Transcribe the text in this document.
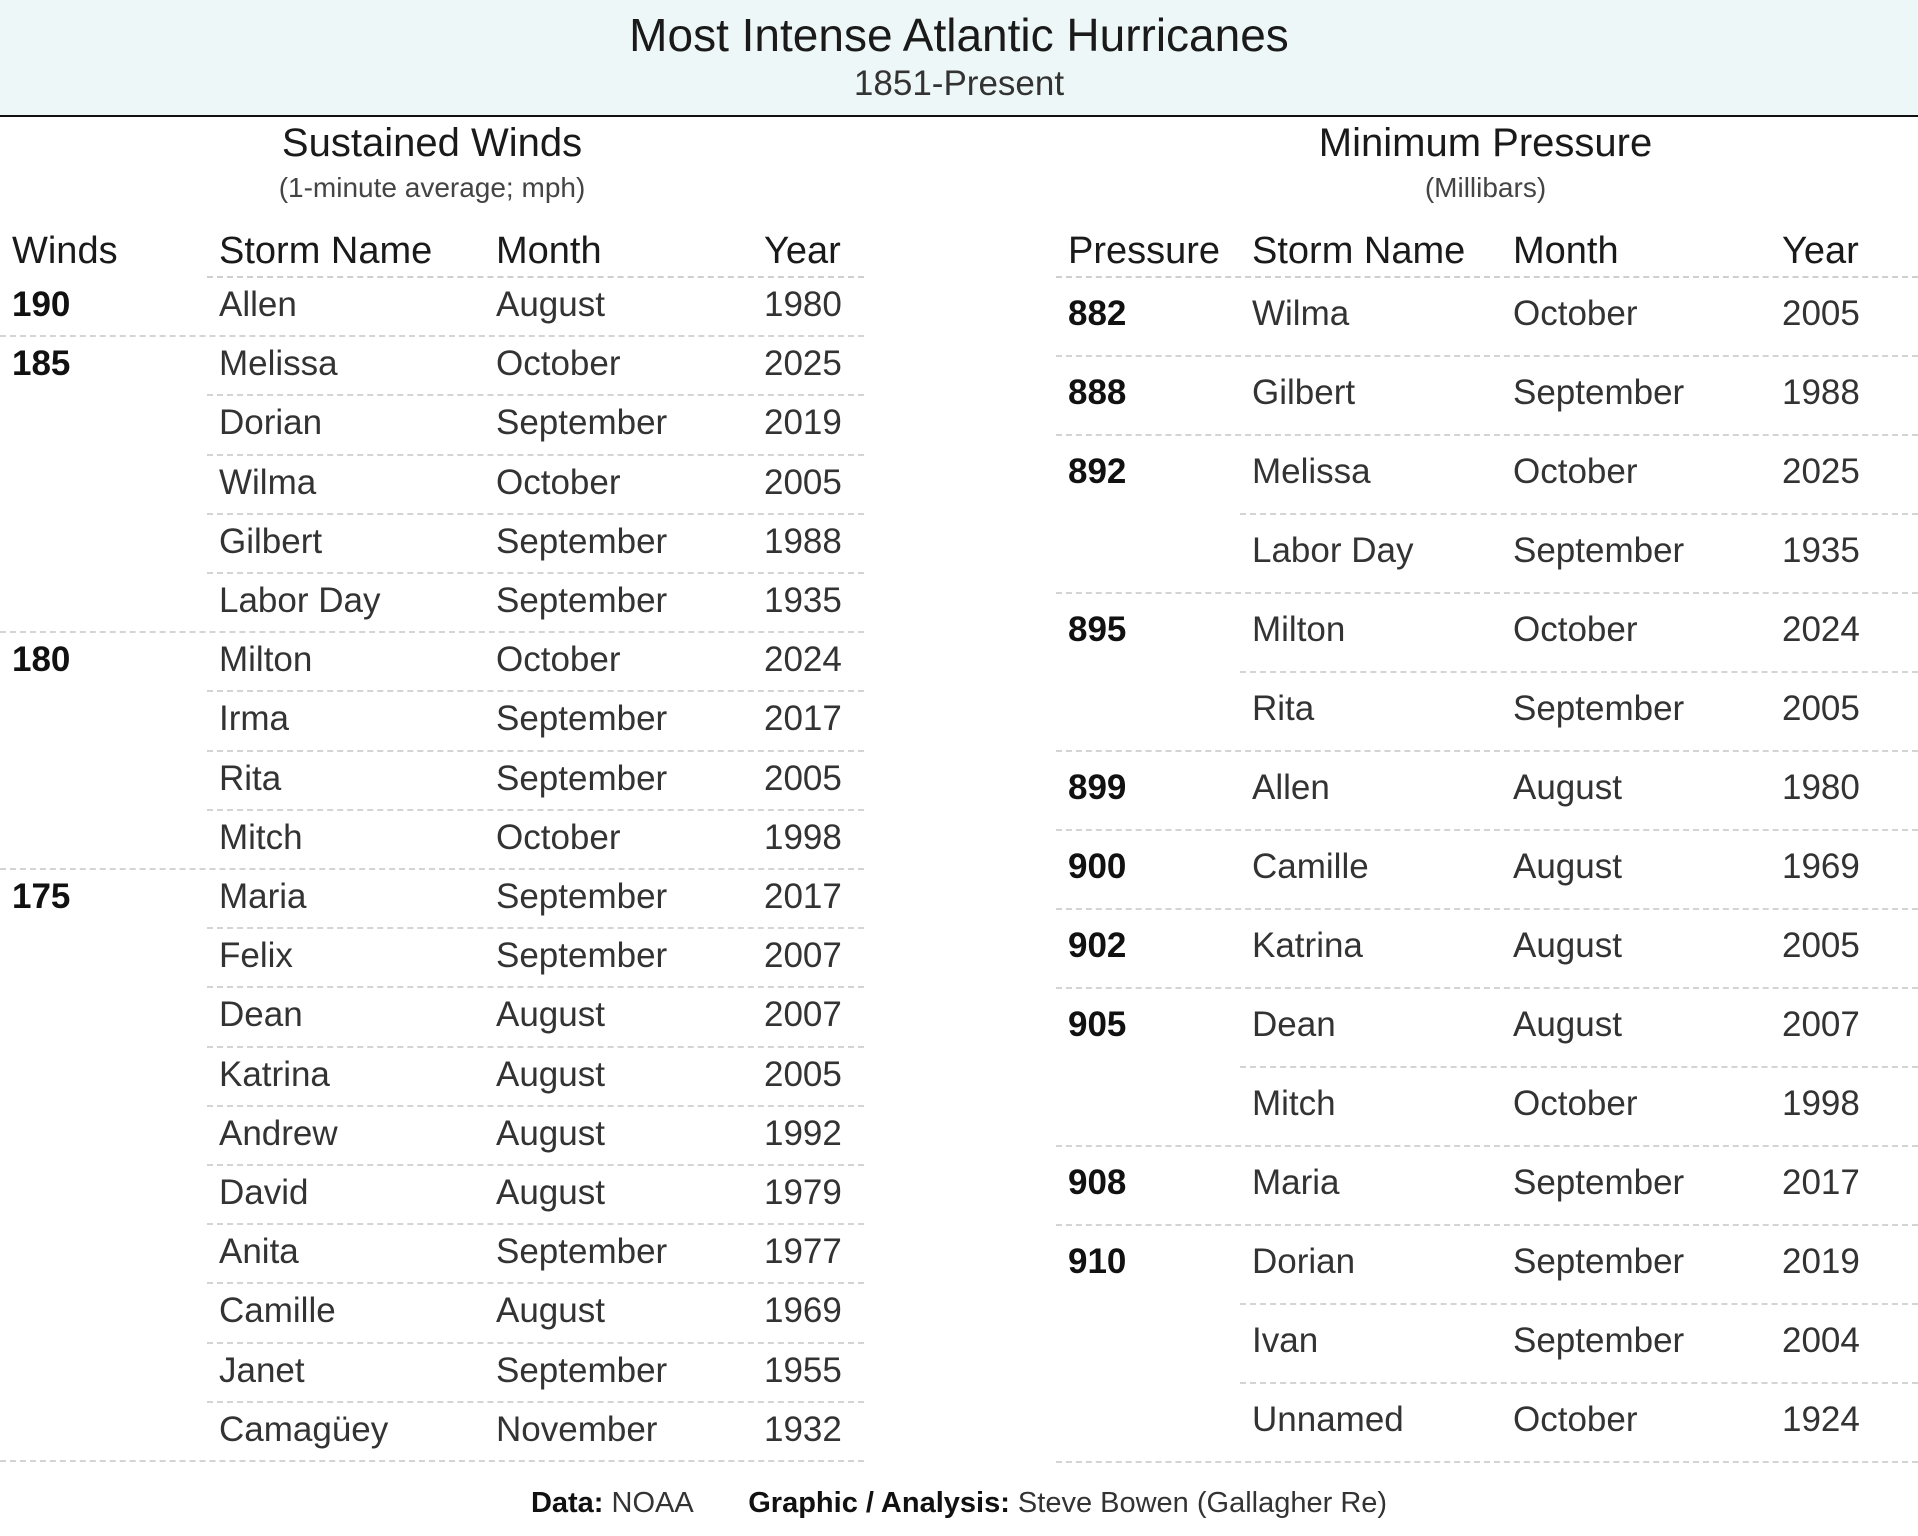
Most Intense Atlantic Hurricanes
1851-Present
Sustained Winds
(1-minute average; mph)
Winds	Storm Name Month	Year
190	Allen	August	1980
185	Melissa	October	2025
Dorian	September	2019
Wilma	October	2005
Gilbert	September	1988
Labor Day	September	1935
180	Milton	October	2024
Irma	September	2017
Rita	September	2005
Mitch	October	1998
175	Maria	September	2017
Felix	September	2007
Dean	August	2007
Katrina	August	2005
Andrew	August	1992
David	August	1979
Anita	September	1977
Camille	August	1969
Janet	September	1955
Camagüey	November	1932
Minimum Pressure
(Millibars)
Pressure Storm Name Month	Year
882	Wilma	October	2005
888	Gilbert	September	1988
892	Melissa	October	2025
Labor Day	September	1935
895	Milton	October	2024
Rita	September	2005
899	Allen	August	1980
900	Camille	August	1969
902	Katrina	August	2005
905	Dean	August	2007
Mitch	October	1998
908	Maria	September	2017
910	Dorian	September	2019
Ivan	September	2004
Unnamed	October	1924
Data: NOAA Graphic / Analysis: Steve Bowen (Gallagher Re)
